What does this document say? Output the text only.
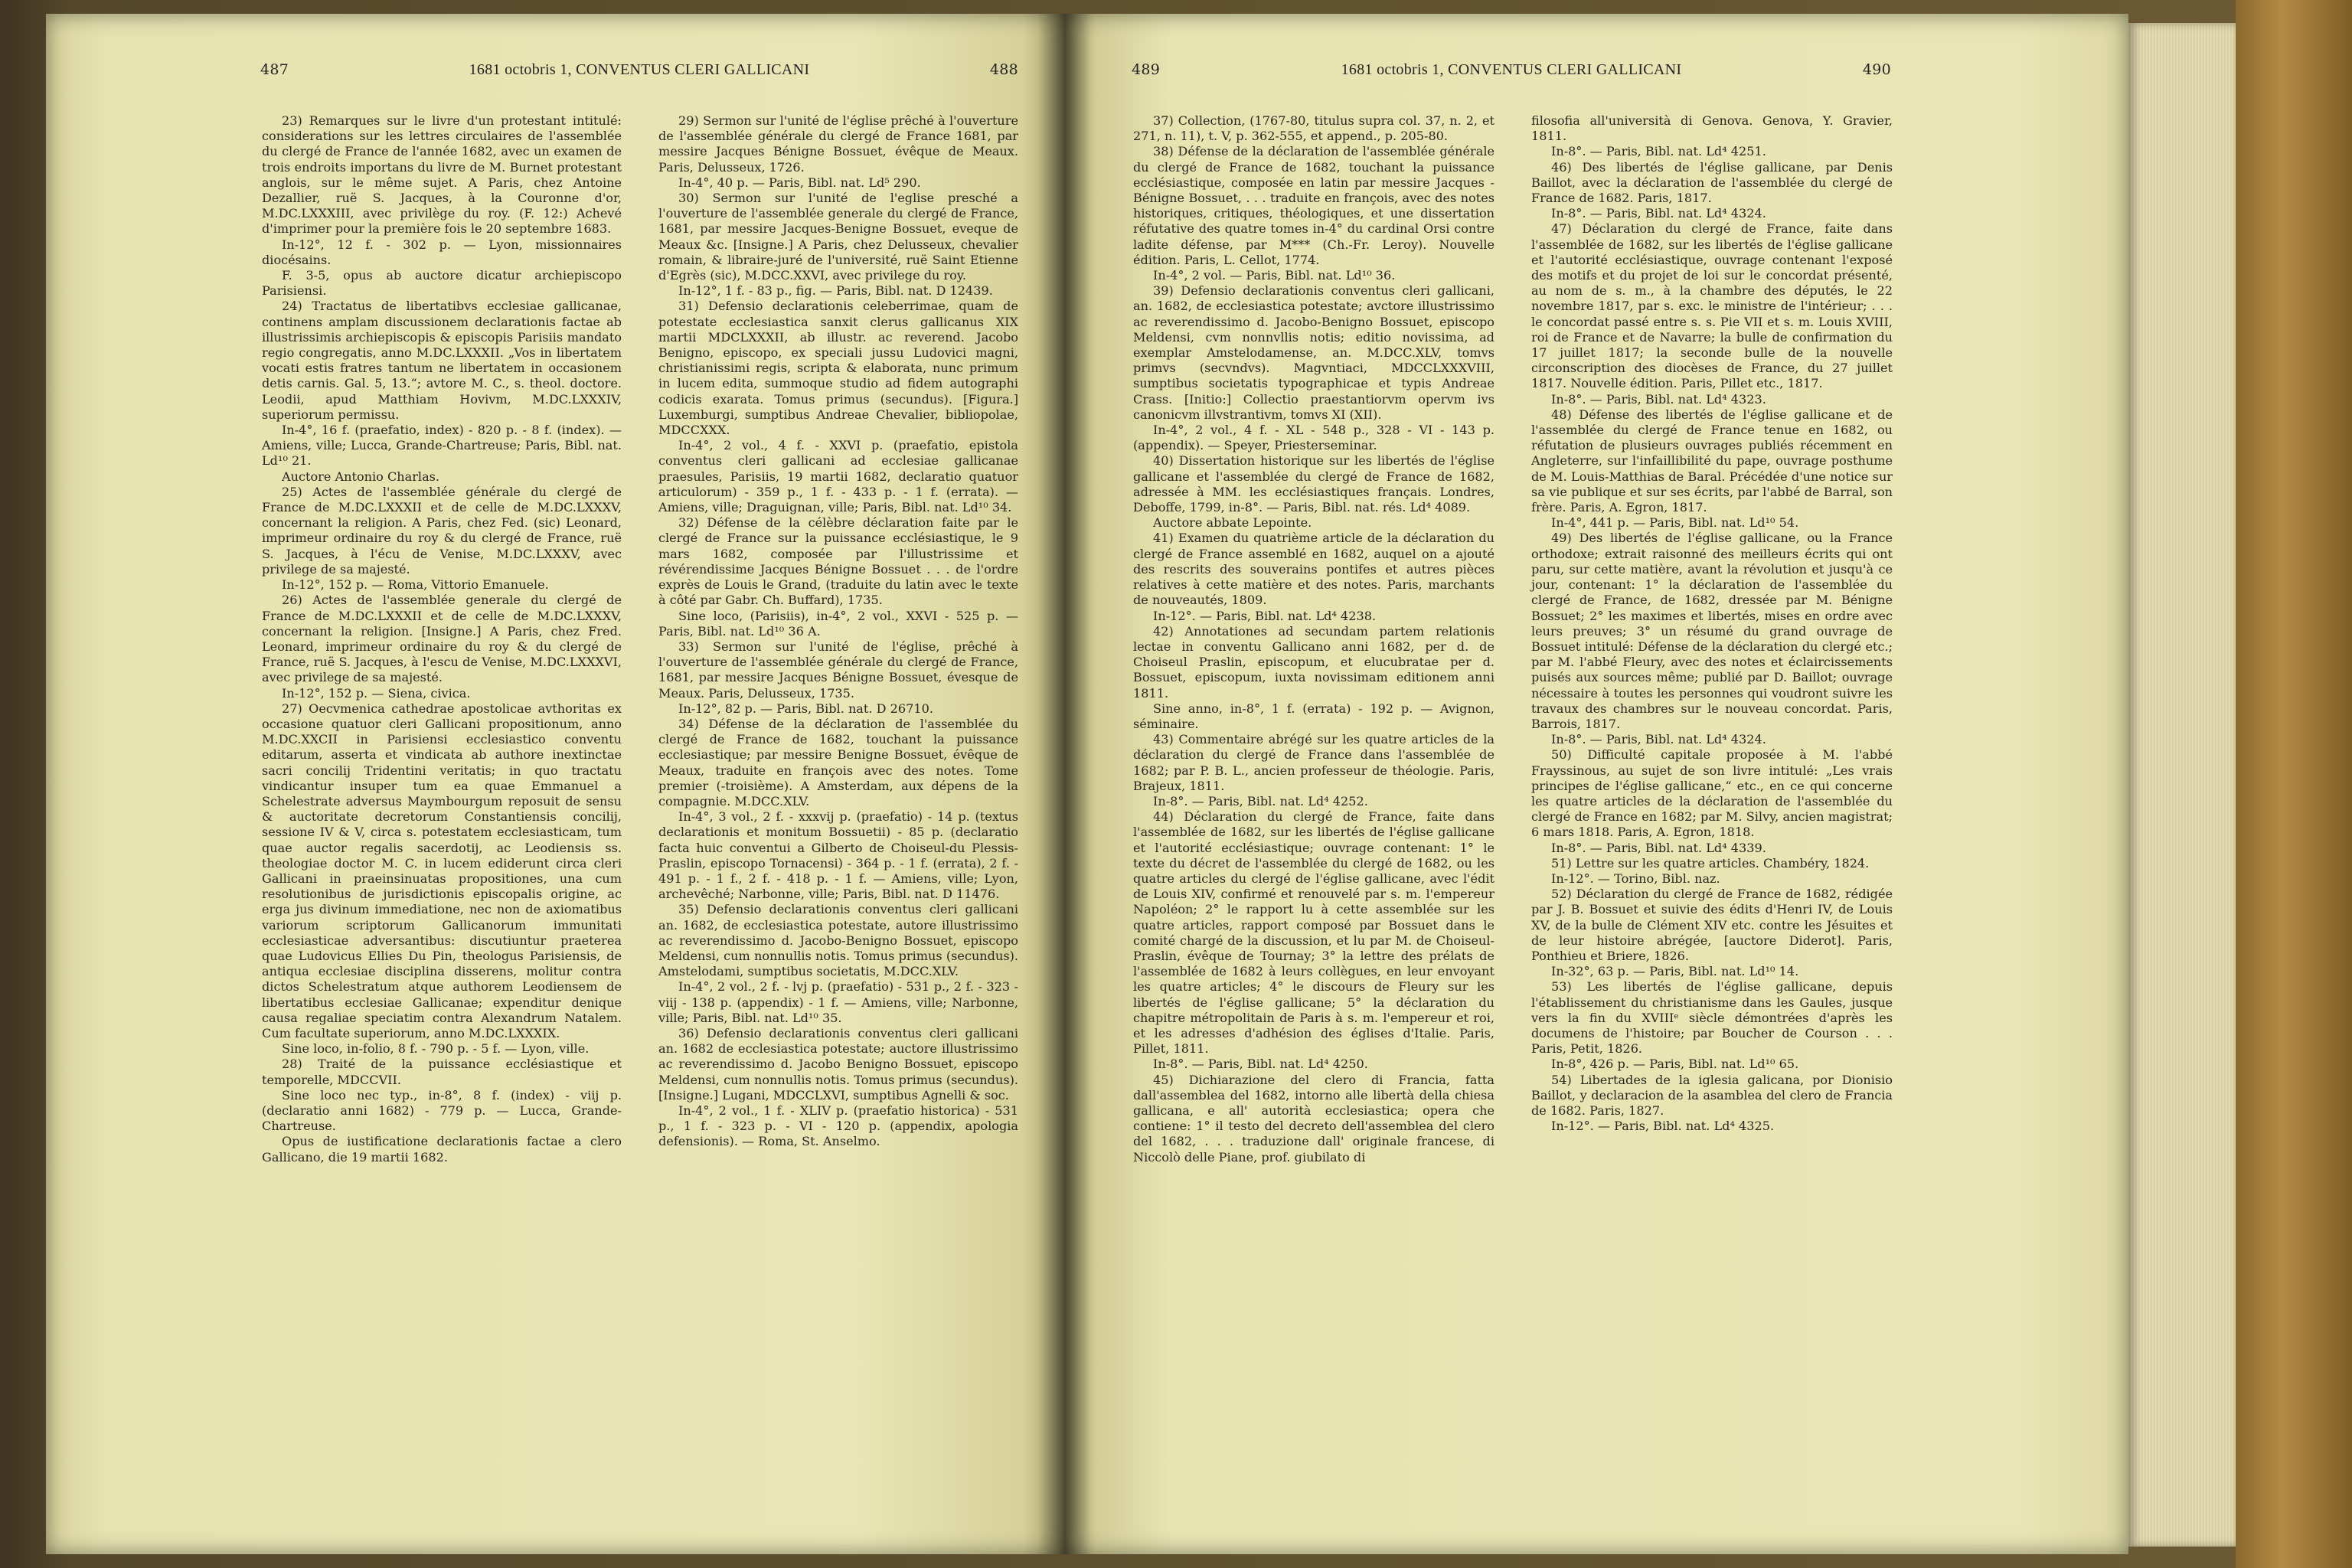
487	1681 octobris 1, CONVENTUS CLERI GALLICANI	488

23) Remarques sur le livre d'un protestant intitulé: considerations sur les lettres circulaires de l'assemblée du clergé de France de l'année 1682, avec un examen de trois endroits importans du livre de M. Burnet protestant anglois, sur le même sujet. A Paris, chez Antoine Dezallier, ruë S. Jacques, à la Couronne d'or, M.DC.LXXXIII, avec privilège du roy. (F. 12:) Achevé d'imprimer pour la première fois le 20 septembre 1683.

In-12°, 12 f. - 302 p. — Lyon, missionnaires diocésains.

F. 3-5, opus ab auctore dicatur archiepiscopo Parisiensi.

24) Tractatus de libertatibvs ecclesiae gallicanae, continens amplam discussionem declarationis factae ab illustrissimis archiepiscopis & episcopis Parisiis mandato regio congregatis, anno M.DC.LXXXII. „Vos in libertatem vocati estis fratres tantum ne libertatem in occasionem detis carnis. Gal. 5, 13.“; avtore M. C., s. theol. doctore. Leodii, apud Matthiam Hovivm, M.DC.LXXXIV, superiorum permissu.

In-4°, 16 f. (praefatio, index) - 820 p. - 8 f. (index). — Amiens, ville; Lucca, Grande-Chartreuse; Paris, Bibl. nat. Ld¹⁰ 21.

Auctore Antonio Charlas.

25) Actes de l'assemblée générale du clergé de France de M.DC.LXXXII et de celle de M.DC.LXXXV, concernant la religion. A Paris, chez Fed. (sic) Leonard, imprimeur ordinaire du roy & du clergé de France, ruë S. Jacques, à l'écu de Venise, M.DC.LXXXV, avec privilege de sa majesté.

In-12°, 152 p. — Roma, Vittorio Emanuele.

26) Actes de l'assemblée generale du clergé de France de M.DC.LXXXII et de celle de M.DC.LXXXV, concernant la religion. [Insigne.] A Paris, chez Fred. Leonard, imprimeur ordinaire du roy & du clergé de France, ruë S. Jacques, à l'escu de Venise, M.DC.LXXXVI, avec privilege de sa majesté.

In-12°, 152 p. — Siena, civica.

27) Oecvmenica cathedrae apostolicae avthoritas ex occasione quatuor cleri Gallicani propositionum, anno M.DC.XXCII in Parisiensi ecclesiastico conventu editarum, asserta et vindicata ab authore inextinctae sacri concilij Tridentini veritatis; in quo tractatu vindicantur insuper tum ea quae Emmanuel a Schelestrate adversus Maymbourgum reposuit de sensu & auctoritate decretorum Constantiensis concilij, sessione IV & V, circa s. potestatem ecclesiasticam, tum quae auctor regalis sacerdotij, ac Leodiensis ss. theologiae doctor M. C. in lucem ediderunt circa cleri Gallicani in praeinsinuatas propositiones, una cum resolutionibus de jurisdictionis episcopalis origine, ac erga jus divinum immediatione, nec non de axiomatibus variorum scriptorum Gallicanorum immunitati ecclesiasticae adversantibus: discutiuntur praeterea quae Ludovicus Ellies Du Pin, theologus Parisiensis, de antiqua ecclesiae disciplina disserens, molitur contra dictos Schelestratum atque authorem Leodiensem de libertatibus ecclesiae Gallicanae; expenditur denique causa regaliae speciatim contra Alexandrum Natalem. Cum facultate superiorum, anno M.DC.LXXXIX.

Sine loco, in-folio, 8 f. - 790 p. - 5 f. — Lyon, ville.

28) Traité de la puissance ecclésiastique et temporelle, MDCCVII.

Sine loco nec typ., in-8°, 8 f. (index) - viij p. (declaratio anni 1682) - 779 p. — Lucca, Grande-Chartreuse.

Opus de iustificatione declarationis factae a clero Gallicano, die 19 martii 1682.

29) Sermon sur l'unité de l'église prêché à l'ouverture de l'assemblée générale du clergé de France 1681, par messire Jacques Bénigne Bossuet, évêque de Meaux. Paris, Delusseux, 1726.

In-4°, 40 p. — Paris, Bibl. nat. Ld⁵ 290.

30) Sermon sur l'unité de l'eglise presché a l'ouverture de l'assemblée generale du clergé de France, 1681, par messire Jacques-Benigne Bossuet, eveque de Meaux &c. [Insigne.] A Paris, chez Delusseux, chevalier romain, & libraire-juré de l'université, ruë Saint Etienne d'Egrès (sic), M.DCC.XXVI, avec privilege du roy.

In-12°, 1 f. - 83 p., fig. — Paris, Bibl. nat. D 12439.

31) Defensio declarationis celeberrimae, quam de potestate ecclesiastica sanxit clerus gallicanus XIX martii MDCLXXXII, ab illustr. ac reverend. Jacobo Benigno, episcopo, ex speciali jussu Ludovici magni, christianissimi regis, scripta & elaborata, nunc primum in lucem edita, summoque studio ad fidem autographi codicis exarata. Tomus primus (secundus). [Figura.] Luxemburgi, sumptibus Andreae Chevalier, bibliopolae, MDCCXXX.

In-4°, 2 vol., 4 f. - XXVI p. (praefatio, epistola conventus cleri gallicani ad ecclesiae gallicanae praesules, Parisiis, 19 martii 1682, declaratio quatuor articulorum) - 359 p., 1 f. - 433 p. - 1 f. (errata). — Amiens, ville; Draguignan, ville; Paris, Bibl. nat. Ld¹⁰ 34.

32) Défense de la célèbre déclaration faite par le clergé de France sur la puissance ecclésiastique, le 9 mars 1682, composée par l'illustrissime et révérendissime Jacques Bénigne Bossuet . . . de l'ordre exprès de Louis le Grand, (traduite du latin avec le texte à côté par Gabr. Ch. Buffard), 1735.

Sine loco, (Parisiis), in-4°, 2 vol., XXVI - 525 p. — Paris, Bibl. nat. Ld¹⁰ 36 A.

33) Sermon sur l'unité de l'église, prêché à l'ouverture de l'assemblée générale du clergé de France, 1681, par messire Jacques Bénigne Bossuet, évesque de Meaux. Paris, Delusseux, 1735.

In-12°, 82 p. — Paris, Bibl. nat. D 26710.

34) Défense de la déclaration de l'assemblée du clergé de France de 1682, touchant la puissance ecclesiastique; par messire Benigne Bossuet, évêque de Meaux, traduite en françois avec des notes. Tome premier (-troisième). A Amsterdam, aux dépens de la compagnie. M.DCC.XLV.

In-4°, 3 vol., 2 f. - xxxvij p. (praefatio) - 14 p. (textus declarationis et monitum Bossuetii) - 85 p. (declaratio facta huic conventui a Gilberto de Choiseul-du Plessis-Praslin, episcopo Tornacensi) - 364 p. - 1 f. (errata), 2 f. - 491 p. - 1 f., 2 f. - 418 p. - 1 f. — Amiens, ville; Lyon, archevêché; Narbonne, ville; Paris, Bibl. nat. D 11476.

35) Defensio declarationis conventus cleri gallicani an. 1682, de ecclesiastica potestate, autore illustrissimo ac reverendissimo d. Jacobo-Benigno Bossuet, episcopo Meldensi, cum nonnullis notis. Tomus primus (secundus). Amstelodami, sumptibus societatis, M.DCC.XLV.

In-4°, 2 vol., 2 f. - lvj p. (praefatio) - 531 p., 2 f. - 323 - viij - 138 p. (appendix) - 1 f. — Amiens, ville; Narbonne, ville; Paris, Bibl. nat. Ld¹⁰ 35.

36) Defensio declarationis conventus cleri gallicani an. 1682 de ecclesiastica potestate; auctore illustrissimo ac reverendissimo d. Jacobo Benigno Bossuet, episcopo Meldensi, cum nonnullis notis. Tomus primus (secundus). [Insigne.] Lugani, MDCCLXVI, sumptibus Agnelli & soc.

In-4°, 2 vol., 1 f. - XLIV p. (praefatio historica) - 531 p., 1 f. - 323 p. - VI - 120 p. (appendix, apologia defensionis). — Roma, St. Anselmo.

489	1681 octobris 1, CONVENTUS CLERI GALLICANI	490

37) Collection, (1767-80, titulus supra col. 37, n. 2, et 271, n. 11), t. V, p. 362-555, et append., p. 205-80.

38) Défense de la déclaration de l'assemblée générale du clergé de France de 1682, touchant la puissance ecclésiastique, composée en latin par messire Jacques - Bénigne Bossuet, . . . traduite en françois, avec des notes historiques, critiques, théologiques, et une dissertation réfutative des quatre tomes in-4° du cardinal Orsi contre ladite défense, par M*** (Ch.-Fr. Leroy). Nouvelle édition. Paris, L. Cellot, 1774.

In-4°, 2 vol. — Paris, Bibl. nat. Ld¹⁰ 36.

39) Defensio declarationis conventus cleri gallicani, an. 1682, de ecclesiastica potestate; avctore illustrissimo ac reverendissimo d. Jacobo-Benigno Bossuet, episcopo Meldensi, cvm nonnvllis notis; editio novissima, ad exemplar Amstelodamense, an. M.DCC.XLV, tomvs primvs (secvndvs). Magvntiaci, MDCCLXXXVIII, sumptibus societatis typographicae et typis Andreae Crass. [Initio:] Collectio praestantiorvm opervm ivs canonicvm illvstrantivm, tomvs XI (XII).

In-4°, 2 vol., 4 f. - XL - 548 p., 328 - VI - 143 p. (appendix). — Speyer, Priesterseminar.

40) Dissertation historique sur les libertés de l'église gallicane et l'assemblée du clergé de France de 1682, adressée à MM. les ecclésiastiques français. Londres, Deboffe, 1799, in-8°. — Paris, Bibl. nat. rés. Ld⁴ 4089.

Auctore abbate Lepointe.

41) Examen du quatrième article de la déclaration du clergé de France assemblé en 1682, auquel on a ajouté des rescrits des souverains pontifes et autres pièces relatives à cette matière et des notes. Paris, marchants de nouveautés, 1809.

In-12°. — Paris, Bibl. nat. Ld⁴ 4238.

42) Annotationes ad secundam partem relationis lectae in conventu Gallicano anni 1682, per d. de Choiseul Praslin, episcopum, et elucubratae per d. Bossuet, episcopum, iuxta novissimam editionem anni 1811.

Sine anno, in-8°, 1 f. (errata) - 192 p. — Avignon, séminaire.

43) Commentaire abrégé sur les quatre articles de la déclaration du clergé de France dans l'assemblée de 1682; par P. B. L., ancien professeur de théologie. Paris, Brajeux, 1811.

In-8°. — Paris, Bibl. nat. Ld⁴ 4252.

44) Déclaration du clergé de France, faite dans l'assemblée de 1682, sur les libertés de l'église gallicane et l'autorité ecclésiastique; ouvrage contenant: 1° le texte du décret de l'assemblée du clergé de 1682, ou les quatre articles du clergé de l'église gallicane, avec l'édit de Louis XIV, confirmé et renouvelé par s. m. l'empereur Napoléon; 2° le rapport lu à cette assemblée sur les quatre articles, rapport composé par Bossuet dans le comité chargé de la discussion, et lu par M. de Choiseul-Praslin, évêque de Tournay; 3° la lettre des prélats de l'assemblée de 1682 à leurs collègues, en leur envoyant les quatre articles; 4° le discours de Fleury sur les libertés de l'église gallicane; 5° la déclaration du chapitre métropolitain de Paris à s. m. l'empereur et roi, et les adresses d'adhésion des églises d'Italie. Paris, Pillet, 1811.

In-8°. — Paris, Bibl. nat. Ld⁴ 4250.

45) Dichiarazione del clero di Francia, fatta dall'assemblea del 1682, intorno alle libertà della chiesa gallicana, e all' autorità ecclesiastica; opera che contiene: 1° il testo del decreto dell'assemblea del clero del 1682, . . . traduzione dall' originale francese, di Niccolò delle Piane, prof. giubilato di

filosofia all'università di Genova. Genova, Y. Gravier, 1811.

In-8°. — Paris, Bibl. nat. Ld⁴ 4251.

46) Des libertés de l'église gallicane, par Denis Baillot, avec la déclaration de l'assemblée du clergé de France de 1682. Paris, 1817.

In-8°. — Paris, Bibl. nat. Ld⁴ 4324.

47) Déclaration du clergé de France, faite dans l'assemblée de 1682, sur les libertés de l'église gallicane et l'autorité ecclésiastique, ouvrage contenant l'exposé des motifs et du projet de loi sur le concordat présenté, au nom de s. m., à la chambre des députés, le 22 novembre 1817, par s. exc. le ministre de l'intérieur; . . . le concordat passé entre s. s. Pie VII et s. m. Louis XVIII, roi de France et de Navarre; la bulle de confirmation du 17 juillet 1817; la seconde bulle de la nouvelle circonscription des diocèses de France, du 27 juillet 1817. Nouvelle édition. Paris, Pillet etc., 1817.

In-8°. — Paris, Bibl. nat. Ld⁴ 4323.

48) Défense des libertés de l'église gallicane et de l'assemblée du clergé de France tenue en 1682, ou réfutation de plusieurs ouvrages publiés récemment en Angleterre, sur l'infaillibilité du pape, ouvrage posthume de M. Louis-Matthias de Baral. Précédée d'une notice sur sa vie publique et sur ses écrits, par l'abbé de Barral, son frère. Paris, A. Egron, 1817.

In-4°, 441 p. — Paris, Bibl. nat. Ld¹⁰ 54.

49) Des libertés de l'église gallicane, ou la France orthodoxe; extrait raisonné des meilleurs écrits qui ont paru, sur cette matière, avant la révolution et jusqu'à ce jour, contenant: 1° la déclaration de l'assemblée du clergé de France, de 1682, dressée par M. Bénigne Bossuet; 2° les maximes et libertés, mises en ordre avec leurs preuves; 3° un résumé du grand ouvrage de Bossuet intitulé: Défense de la déclaration du clergé etc.; par M. l'abbé Fleury, avec des notes et éclaircissements puisés aux sources même; publié par D. Baillot; ouvrage nécessaire à toutes les personnes qui voudront suivre les travaux des chambres sur le nouveau concordat. Paris, Barrois, 1817.

In-8°. — Paris, Bibl. nat. Ld⁴ 4324.

50) Difficulté capitale proposée à M. l'abbé Frayssinous, au sujet de son livre intitulé: „Les vrais principes de l'église gallicane,“ etc., en ce qui concerne les quatre articles de la déclaration de l'assemblée du clergé de France en 1682; par M. Silvy, ancien magistrat; 6 mars 1818. Paris, A. Egron, 1818.

In-8°. — Paris, Bibl. nat. Ld⁴ 4339.

51) Lettre sur les quatre articles. Chambéry, 1824.

In-12°. — Torino, Bibl. naz.

52) Déclaration du clergé de France de 1682, rédigée par J. B. Bossuet et suivie des édits d'Henri IV, de Louis XV, de la bulle de Clément XIV etc. contre les Jésuites et de leur histoire abrégée, [auctore Diderot]. Paris, Ponthieu et Briere, 1826.

In-32°, 63 p. — Paris, Bibl. nat. Ld¹⁰ 14.

53) Les libertés de l'église gallicane, depuis l'établissement du christianisme dans les Gaules, jusque vers la fin du XVIIIᵉ siècle démontrées d'après les documens de l'histoire; par Boucher de Courson . . . Paris, Petit, 1826.

In-8°, 426 p. — Paris, Bibl. nat. Ld¹⁰ 65.

54) Libertades de la iglesia galicana, por Dionisio Baillot, y declaracion de la asamblea del clero de Francia de 1682. Paris, 1827.

In-12°. — Paris, Bibl. nat. Ld⁴ 4325.
